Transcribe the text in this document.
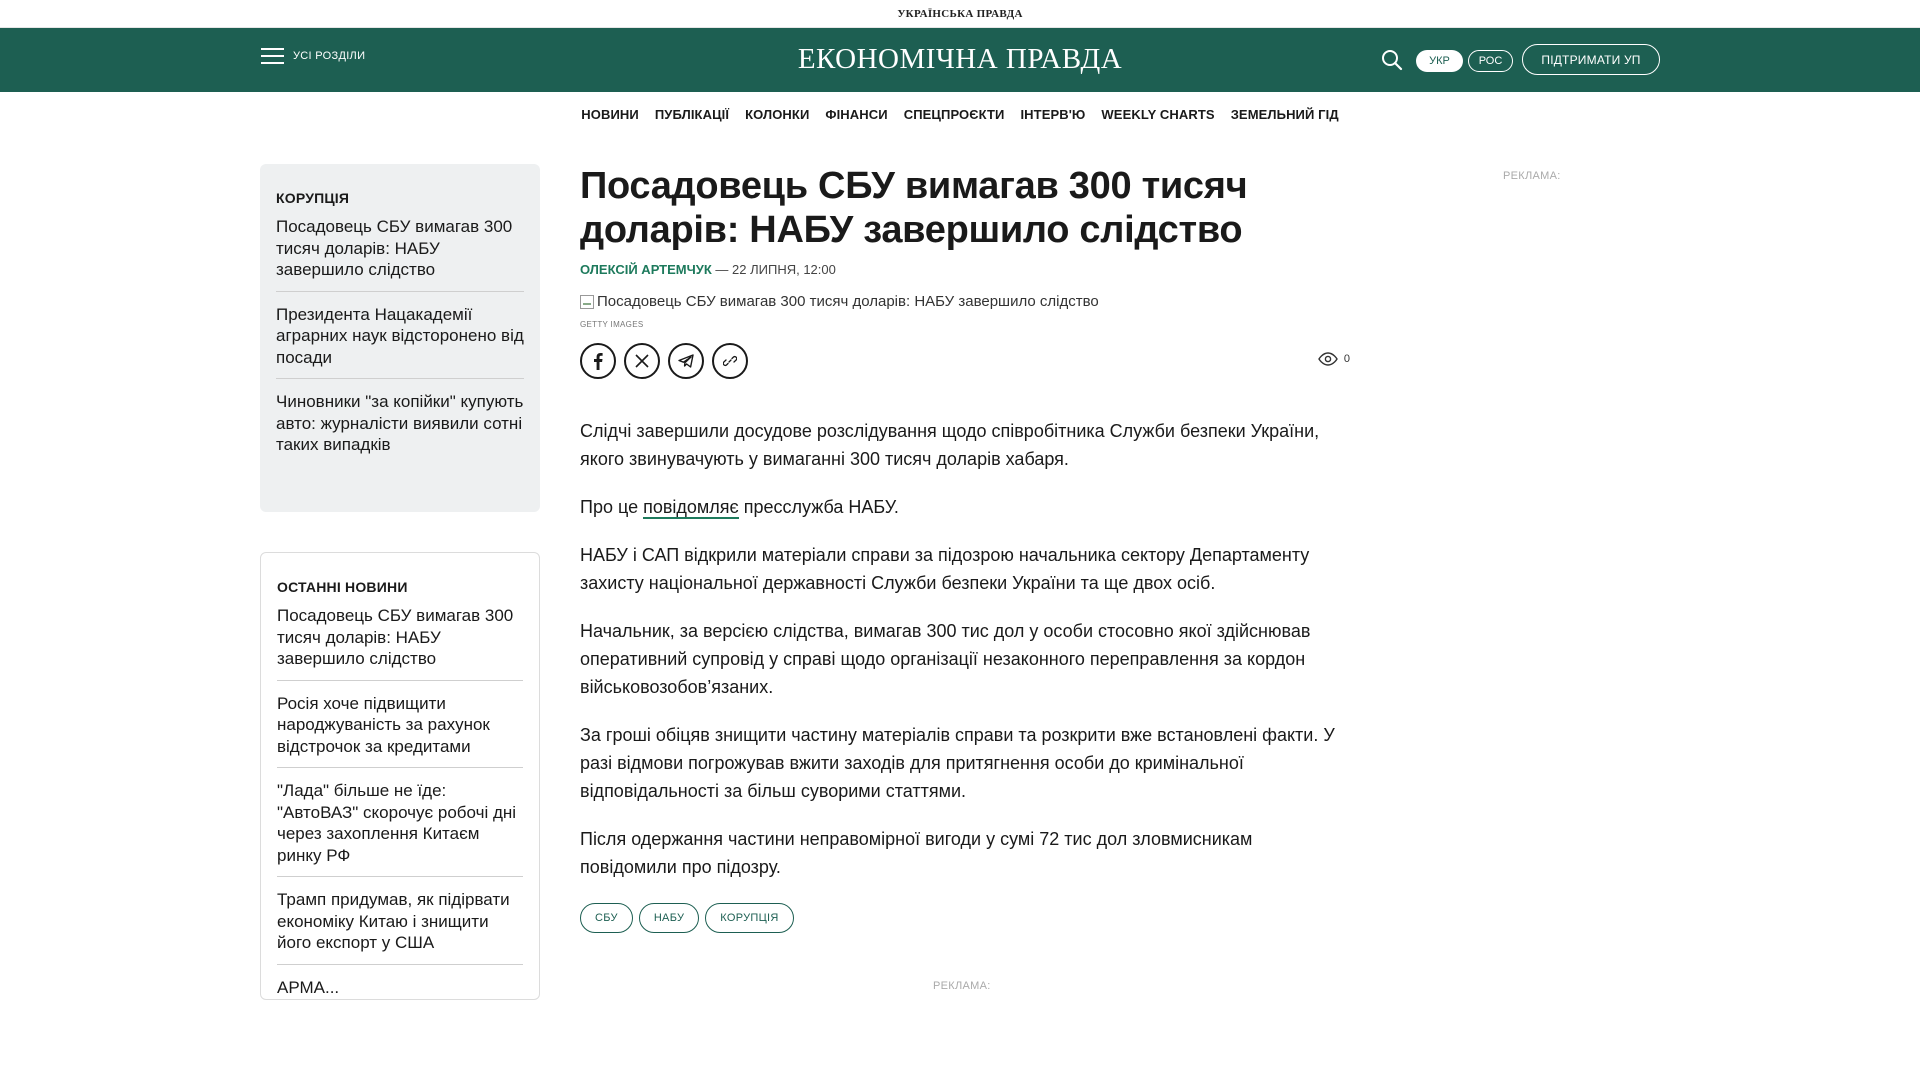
УКРАЇНСЬКА ПРАВДА
УСІ РОЗДІЛИ	ЕКОНОМІЧНА ПРАВДА	УКР	РОС	ПІДТРИМАТИ УП
НОВИНИ ПУБЛІКАЦІЇ КОЛОНКИ ФІНАНСИ СПЕЦПРОЄКТИ ІНТЕРВ'Ю WEEKLY CHARTS ЗЕМЕЛЬНИЙ ГІД
КОРУПЦІЯ
Посадовець СБУ вимагав 300 тисяч доларів: НАБУ завершило слідство
Президента Нацакадемії аграрних наук відсторонено від посади
Чиновники "за копійки" купують авто: журналісти виявили сотні таких випадків
ОСТАННІ НОВИНИ
Посадовець СБУ вимагав 300 тисяч доларів: НАБУ завершило слідство
Росія хоче підвищити народжуваність за рахунок відстрочок за кредитами
"Лада" більше не їде: "АвтоВАЗ" скорочує робочі дні через захоплення Китаєм ринку РФ
Трамп придумав, як підірвати економіку Китаю і знищити його експорт у США
АРМА...
Посадовець СБУ вимагав 300 тисяч доларів: НАБУ завершило слідство
ОЛЕКСІЙ АРТЕМЧУК — 22 ЛИПНЯ, 12:00
Посадовець СБУ вимагав 300 тисяч доларів: НАБУ завершило слідство
GETTY IMAGES
0

Слідчі завершили досудове розслідування щодо співробітника Служби безпеки України, якого звинувачують у вимаганні 300 тисяч доларів хабаря.

Про це повідомляє пресслужба НАБУ.

НАБУ і САП відкрили матеріали справи за підозрою начальника сектору Департаменту захисту національної державності Служби безпеки України та ще двох осіб.

Начальник, за версією слідства, вимагав 300 тис дол у особи стосовно якої здійснював оперативний супровід у справі щодо організації незаконного переправлення за кордон військовозобов’язаних.

За гроші обіцяв знищити частину матеріалів справи та розкрити вже встановлені факти. У разі відмови погрожував вжити заходів для притягнення особи до кримінальної відповідальності за більш суворими статтями.

Після одержання частини неправомірної вигоди у сумі 72 тис дол зловмисникам повідомили про підозру.

СБУ	НАБУ	КОРУПЦІЯ
РЕКЛАМА:
РЕКЛАМА:
